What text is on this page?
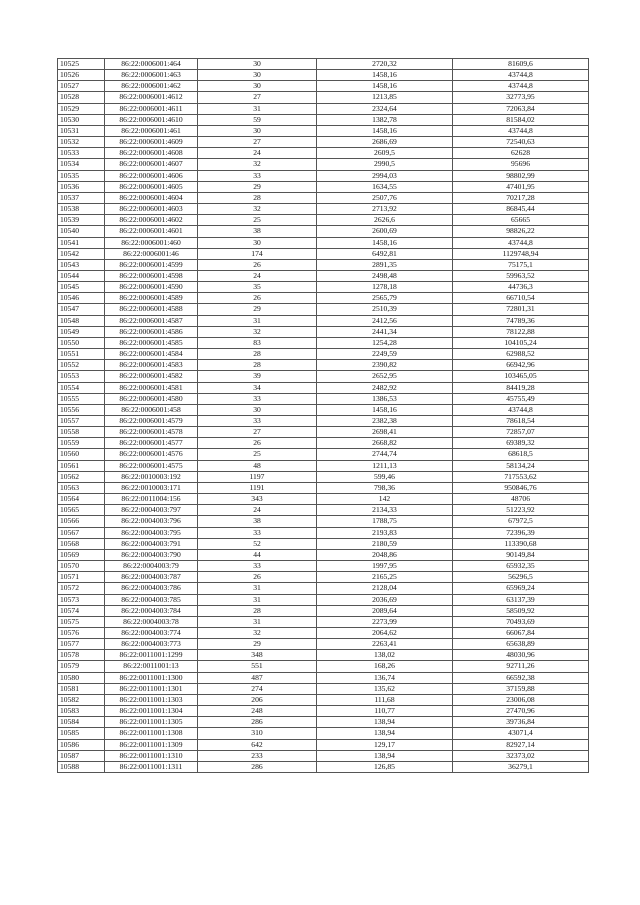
10525	86:22:0006001:464	30	2720,32	81609,6
10526	86:22:0006001:463	30	1458,16	43744,8
10527	86:22:0006001:462	30	1458,16	43744,8
10528	86:22:0006001:4612	27	1213,85	32773,95
10529	86:22:0006001:4611	31	2324,64	72063,84
10530	86:22:0006001:4610	59	1382,78	81584,02
10531	86:22:0006001:461	30	1458,16	43744,8
10532	86:22:0006001:4609	27	2686,69	72540,63
10533	86:22:0006001:4608	24	2609,5	62628
10534	86:22:0006001:4607	32	2990,5	95696
10535	86:22:0006001:4606	33	2994,03	98802,99
10536	86:22:0006001:4605	29	1634,55	47401,95
10537	86:22:0006001:4604	28	2507,76	70217,28
10538	86:22:0006001:4603	32	2713,92	86845,44
10539	86:22:0006001:4602	25	2626,6	65665
10540	86:22:0006001:4601	38	2600,69	98826,22
10541	86:22:0006001:460	30	1458,16	43744,8
10542	86:22:0006001:46	174	6492,81	1129748,94
10543	86:22:0006001:4599	26	2891,35	75175,1
10544	86:22:0006001:4598	24	2498,48	59963,52
10545	86:22:0006001:4590	35	1278,18	44736,3
10546	86:22:0006001:4589	26	2565,79	66710,54
10547	86:22:0006001:4588	29	2510,39	72801,31
10548	86:22:0006001:4587	31	2412,56	74789,36
10549	86:22:0006001:4586	32	2441,34	78122,88
10550	86:22:0006001:4585	83	1254,28	104105,24
10551	86:22:0006001:4584	28	2249,59	62988,52
10552	86:22:0006001:4583	28	2390,82	66942,96
10553	86:22:0006001:4582	39	2652,95	103465,05
10554	86:22:0006001:4581	34	2482,92	84419,28
10555	86:22:0006001:4580	33	1386,53	45755,49
10556	86:22:0006001:458	30	1458,16	43744,8
10557	86:22:0006001:4579	33	2382,38	78618,54
10558	86:22:0006001:4578	27	2698,41	72857,07
10559	86:22:0006001:4577	26	2668,82	69389,32
10560	86:22:0006001:4576	25	2744,74	68618,5
10561	86:22:0006001:4575	48	1211,13	58134,24
10562	86:22:0010003:192	1197	599,46	717553,62
10563	86:22:0010003:171	1191	798,36	950846,76
10564	86:22:0011004:156	343	142	48706
10565	86:22:0004003:797	24	2134,33	51223,92
10566	86:22:0004003:796	38	1788,75	67972,5
10567	86:22:0004003:795	33	2193,83	72396,39
10568	86:22:0004003:791	52	2180,59	113390,68
10569	86:22:0004003:790	44	2048,86	90149,84
10570	86:22:0004003:79	33	1997,95	65932,35
10571	86:22:0004003:787	26	2165,25	56296,5
10572	86:22:0004003:786	31	2128,04	65969,24
10573	86:22:0004003:785	31	2036,69	63137,39
10574	86:22:0004003:784	28	2089,64	58509,92
10575	86:22:0004003:78	31	2273,99	70493,69
10576	86:22:0004003:774	32	2064,62	66067,84
10577	86:22:0004003:773	29	2263,41	65638,89
10578	86:22:0011001:1299	348	138,02	48030,96
10579	86:22:0011001:13	551	168,26	92711,26
10580	86:22:0011001:1300	487	136,74	66592,38
10581	86:22:0011001:1301	274	135,62	37159,88
10582	86:22:0011001:1303	206	111,68	23006,08
10583	86:22:0011001:1304	248	110,77	27470,96
10584	86:22:0011001:1305	286	138,94	39736,84
10585	86:22:0011001:1308	310	138,94	43071,4
10586	86:22:0011001:1309	642	129,17	82927,14
10587	86:22:0011001:1310	233	138,94	32373,02
10588	86:22:0011001:1311	286	126,85	36279,1
